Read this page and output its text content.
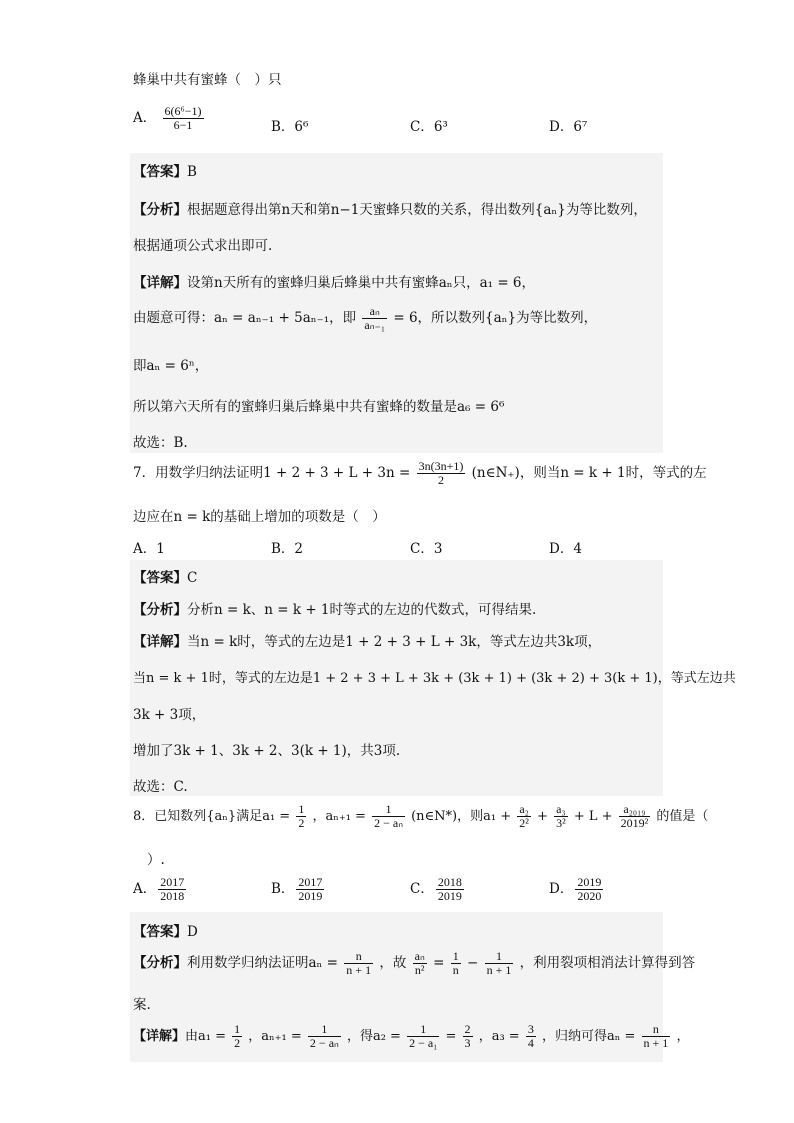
蜂巢中共有蜜蜂（　）只
A． $\frac{\text{6(6⁶−1)}}{6-1}$	B．6⁶	C．6³	D．6⁷
【答案】B
【分析】根据题意得出第n天和第n−1天蜜蜂只数的关系，得出数列{aₙ}为等比数列，
根据通项公式求出即可.
【详解】设第n天所有的蜜蜂归巢后蜂巢中共有蜜蜂aₙ只，a₁ = 6，
由题意可得：aₙ = aₙ₋₁ + 5aₙ₋₁，即 $\frac{\text{aₙ}}{\text{aₙ₋₁}} = 6$，所以数列{aₙ}为等比数列，
即aₙ = 6ⁿ，
所以第六天所有的蜜蜂归巢后蜂巢中共有蜜蜂的数量是a₆ = 6⁶
故选：B.
7．用数学归纳法证明$1 + 2 + 3 + L + 3n = \frac{3n(3n+1)}{2}$ (n∈N₊)，则当n = k + 1时，等式的左
边应在n = k的基础上增加的项数是（　）
A．1	B．2	C．3	D．4
【答案】C
【分析】分析n = k、n = k + 1时等式的左边的代数式，可得结果.
【详解】当n = k时，等式的左边是1 + 2 + 3 + L + 3k，等式左边共3k项，
当n = k + 1时，等式的左边是1 + 2 + 3 + L + 3k + (3k + 1) + (3k + 2) + 3(k + 1)，等式左边共
3k + 3项，
增加了3k + 1、3k + 2、3(k + 1)，共3项.
故选：C.
8．已知数列{aₙ}满足$a_1 = \frac{1}{2}$ ，$a_{n+1} = \frac{1}{\text{2 − aₙ}}$ (n∈N*)，则$a_1 + \frac{\text{a₂}}{\text{2²}} + \frac{\text{a₃}}{\text{3²}} + L + \frac{\text{a₂₀₁₉}}{\text{2019²}}$ 的值是（
）.
A． $\frac{2017}{2018}$	B． $\frac{2017}{2019}$	C． $\frac{2018}{2019}$	D． $\frac{2019}{2020}$
【答案】D
【分析】利用数学归纳法证明$a_n = \frac{n}{n + 1}$ ，故 $\frac{\text{aₙ}}{\text{n²}} = \frac{1}{n} - \frac{1}{n + 1}$ ，利用裂项相消法计算得到答
案.
【详解】由$a_1 = \frac{1}{2}$ ，$a_{n+1} = \frac{1}{\text{2 − aₙ}}$ ，得$a_2 = \frac{1}{\text{2 − a₁}} = \frac{2}{3}$ ，$a_3 = \frac{3}{4}$ ，归纳可得$a_n = \frac{n}{n + 1}$ ，
